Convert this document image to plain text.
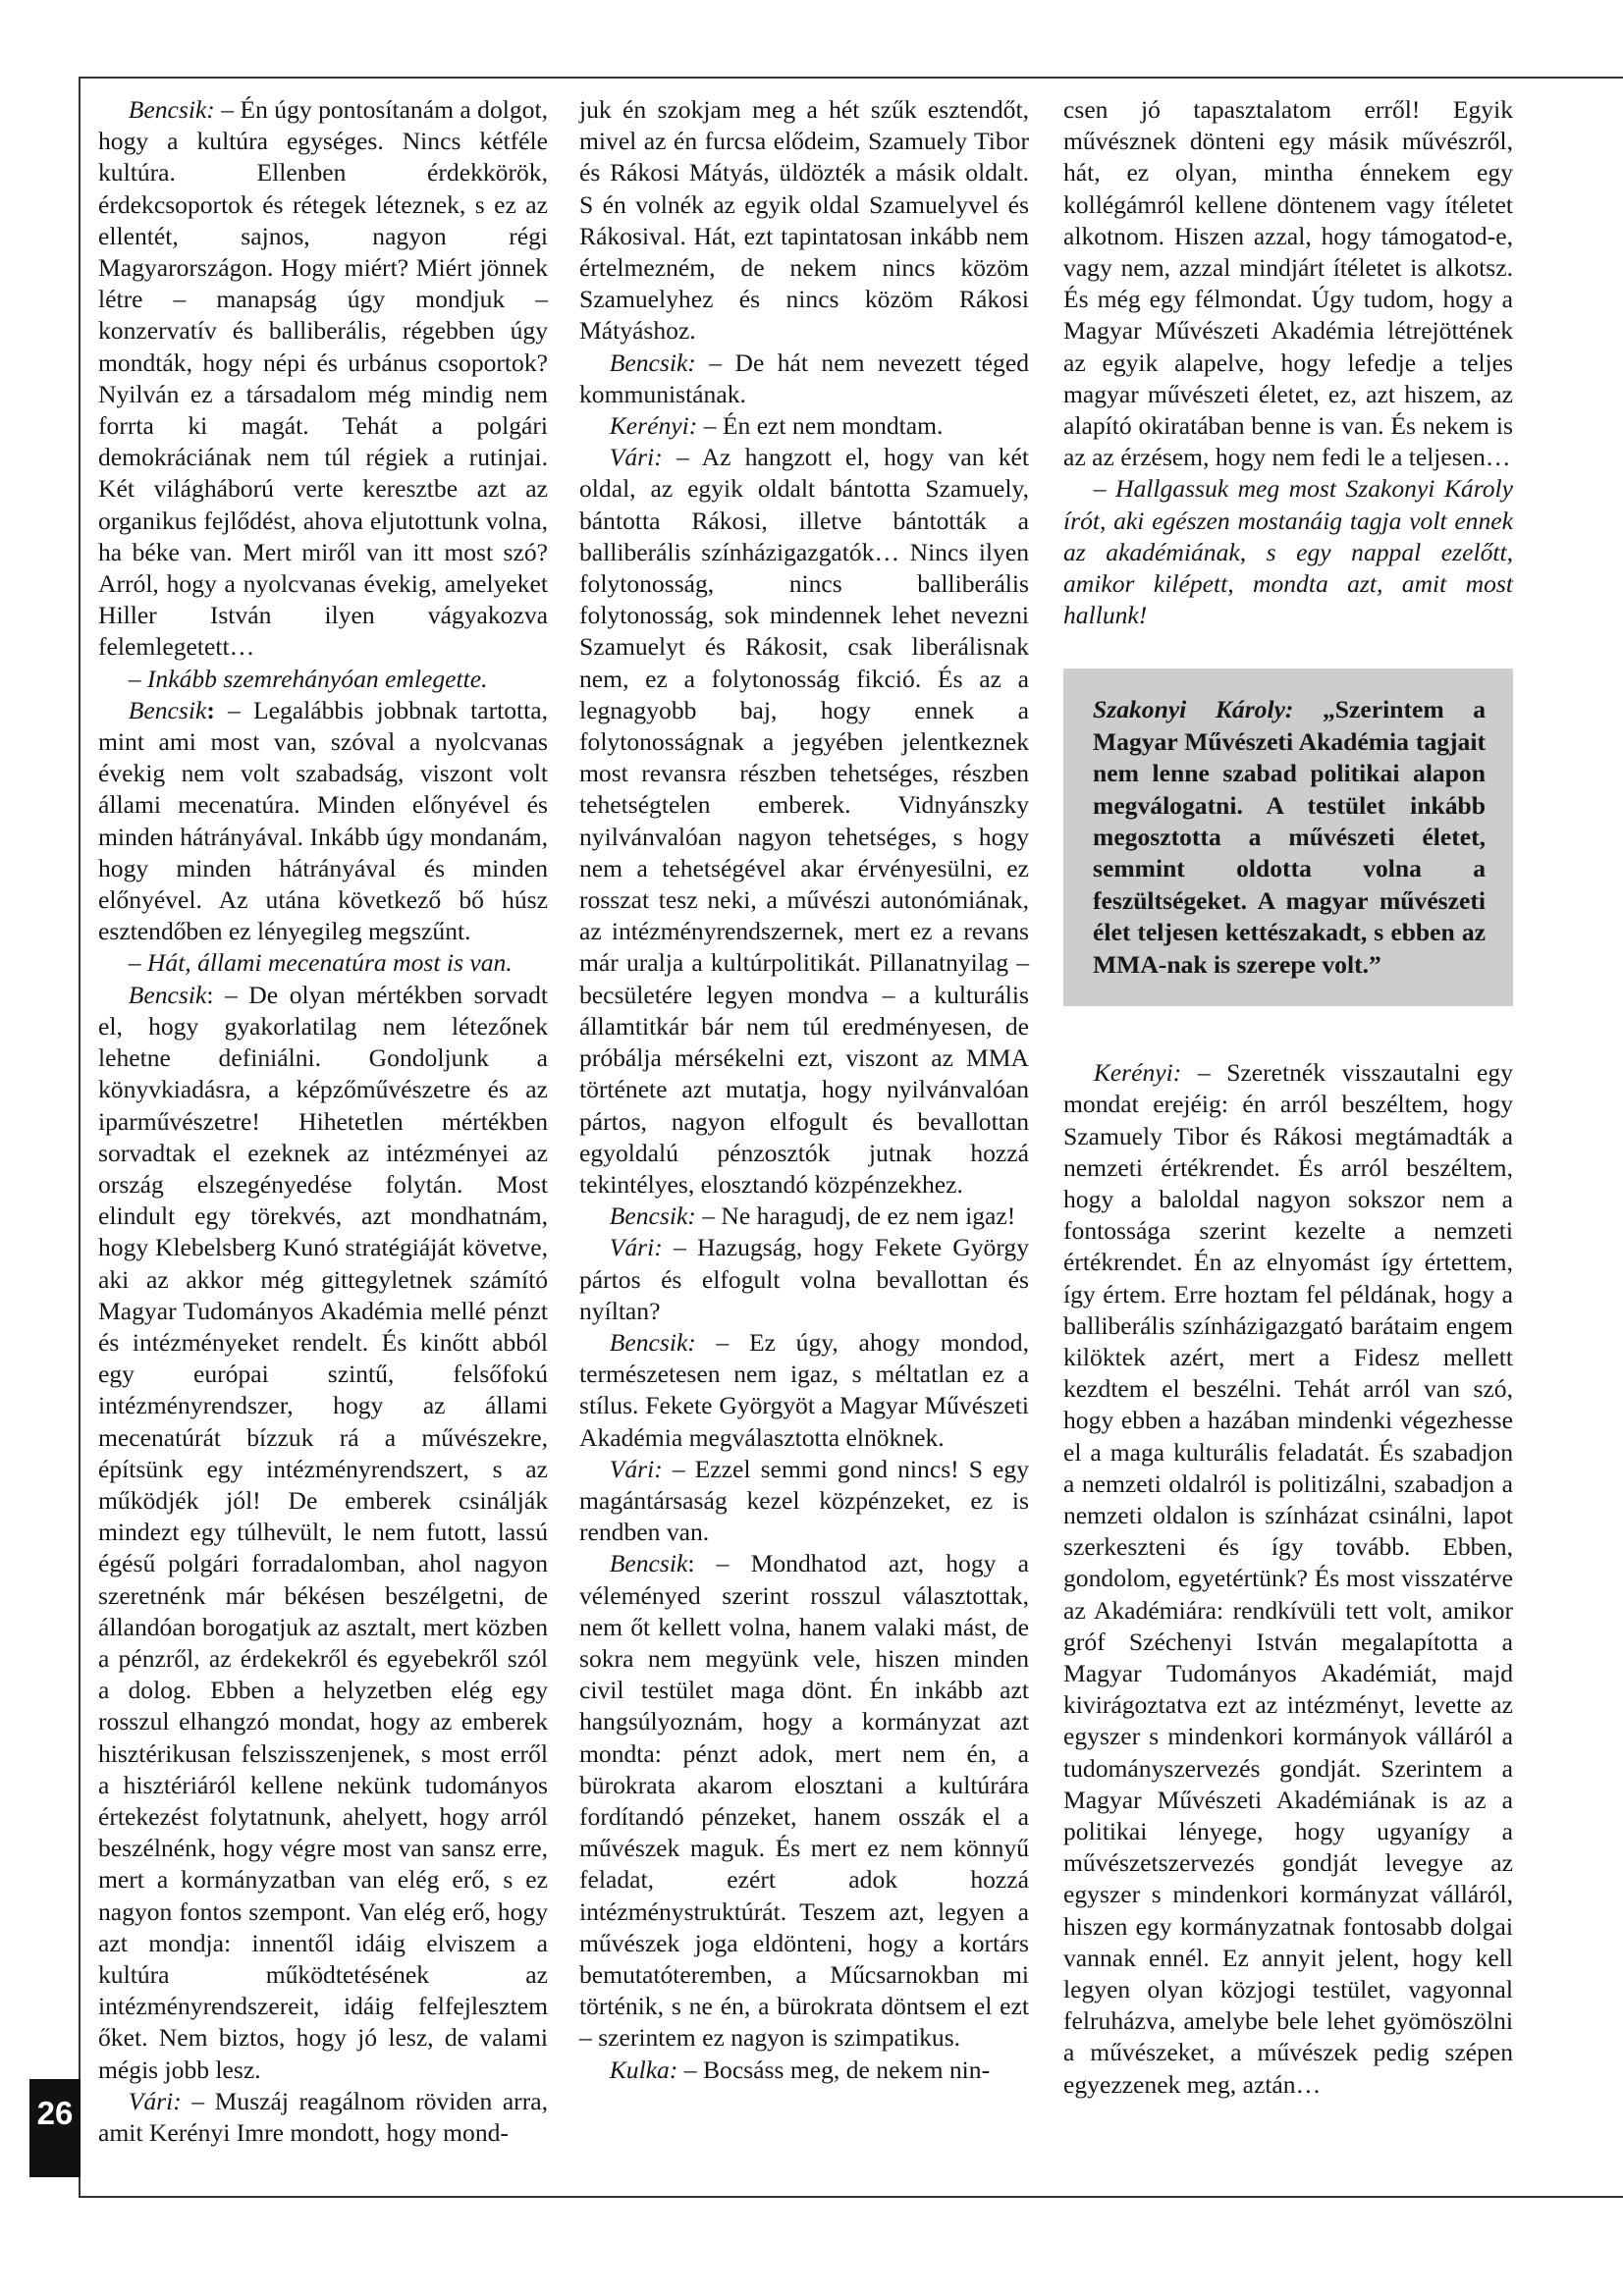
26

Bencsik: – Én úgy pontosítanám a dolgot, hogy a kultúra egységes. Nincs kétféle kultúra. Ellenben érdekkörök, érdekcsoportok és rétegek léteznek, s ez az ellentét, sajnos, nagyon régi Magyarországon. Hogy miért? Miért jönnek létre – manapság úgy mondjuk – konzervatív és balliberális, régebben úgy mondták, hogy népi és urbánus csoportok? Nyilván ez a társadalom még mindig nem forrta ki magát. Tehát a polgári demokráciának nem túl régiek a rutinjai. Két világháború verte keresztbe azt az organikus fejlődést, ahova eljutottunk volna, ha béke van. Mert miről van itt most szó? Arról, hogy a nyolcvanas évekig, amelyeket Hiller István ilyen vágyakozva felemlegetett…

– Inkább szemrehányóan emlegette.

Bencsik: – Legalábbis jobbnak tartotta, mint ami most van, szóval a nyolcvanas évekig nem volt szabadság, viszont volt állami mecenatúra. Minden előnyével és minden hátrányával. Inkább úgy mondanám, hogy minden hátrányával és minden előnyével. Az utána következő bő húsz esztendőben ez lényegileg megszűnt.

– Hát, állami mecenatúra most is van.

Bencsik: – De olyan mértékben sorvadt el, hogy gyakorlatilag nem létezőnek lehetne definiálni. Gondoljunk a könyvkiadásra, a képzőművészetre és az iparművészetre! Hihetetlen mértékben sorvadtak el ezeknek az intézményei az ország elszegényedése folytán. Most elindult egy törekvés, azt mondhatnám, hogy Klebelsberg Kunó stratégiáját követve, aki az akkor még gittegyletnek számító Magyar Tudományos Akadémia mellé pénzt és intézményeket rendelt. És kinőtt abból egy európai szintű, felsőfokú intézményrendszer, hogy az állami mecenatúrát bízzuk rá a művészekre, építsünk egy intézményrendszert, s az működjék jól! De emberek csinálják mindezt egy túlhevült, le nem futott, lassú égésű polgári forradalomban, ahol nagyon szeretnénk már békésen beszélgetni, de állandóan borogatjuk az asztalt, mert közben a pénzről, az érdekekről és egyebekről szól a dolog. Ebben a helyzetben elég egy rosszul elhangzó mondat, hogy az emberek hisztérikusan felszisszenjenek, s most erről a hisztériáról kellene nekünk tudományos értekezést folytatnunk, ahelyett, hogy arról beszélnénk, hogy végre most van sansz erre, mert a kormányzatban van elég erő, s ez nagyon fontos szempont. Van elég erő, hogy azt mondja: innentől idáig elviszem a kultúra működtetésének az intézményrendszereit, idáig felfejlesztem őket. Nem biztos, hogy jó lesz, de valami mégis jobb lesz.

Vári: – Muszáj reagálnom röviden arra, amit Kerényi Imre mondott, hogy mond-

juk én szokjam meg a hét szűk esztendőt, mivel az én furcsa elődeim, Szamuely Tibor és Rákosi Mátyás, üldözték a másik oldalt. S én volnék az egyik oldal Szamuelyvel és Rákosival. Hát, ezt tapintatosan inkább nem értelmezném, de nekem nincs közöm Szamuelyhez és nincs közöm Rákosi Mátyáshoz.

Bencsik: – De hát nem nevezett téged kommunistának.

Kerényi: – Én ezt nem mondtam.

Vári: – Az hangzott el, hogy van két oldal, az egyik oldalt bántotta Szamuely, bántotta Rákosi, illetve bántották a balliberális színházigazgatók… Nincs ilyen folytonosság, nincs balliberális folytonosság, sok mindennek lehet nevezni Szamuelyt és Rákosit, csak liberálisnak nem, ez a folytonosság fikció. És az a legnagyobb baj, hogy ennek a folytonosságnak a jegyében jelentkeznek most revansra részben tehetséges, részben tehetségtelen emberek. Vidnyánszky nyilvánvalóan nagyon tehetséges, s hogy nem a tehetségével akar érvényesülni, ez rosszat tesz neki, a művészi autonómiának, az intézményrendszernek, mert ez a revans már uralja a kultúrpolitikát. Pillanatnyilag – becsületére legyen mondva – a kulturális államtitkár bár nem túl eredményesen, de próbálja mérsékelni ezt, viszont az MMA története azt mutatja, hogy nyilvánvalóan pártos, nagyon elfogult és bevallottan egyoldalú pénzosztók jutnak hozzá tekintélyes, elosztandó közpénzekhez.

Bencsik: – Ne haragudj, de ez nem igaz!

Vári: – Hazugság, hogy Fekete György pártos és elfogult volna bevallottan és nyíltan?

Bencsik: – Ez úgy, ahogy mondod, természetesen nem igaz, s méltatlan ez a stílus. Fekete Györgyöt a Magyar Művészeti Akadémia megválasztotta elnöknek.

Vári: – Ezzel semmi gond nincs! S egy magántársaság kezel közpénzeket, ez is rendben van.

Bencsik: – Mondhatod azt, hogy a véleményed szerint rosszul választottak, nem őt kellett volna, hanem valaki mást, de sokra nem megyünk vele, hiszen minden civil testület maga dönt. Én inkább azt hangsúlyoznám, hogy a kormányzat azt mondta: pénzt adok, mert nem én, a bürokrata akarom elosztani a kultúrára fordítandó pénzeket, hanem osszák el a művészek maguk. És mert ez nem könnyű feladat, ezért adok hozzá intézménystruktúrát. Teszem azt, legyen a művészek joga eldönteni, hogy a kortárs bemutatóteremben, a Műcsarnokban mi történik, s ne én, a bürokrata döntsem el ezt – szerintem ez nagyon is szimpatikus.

Kulka: – Bocsáss meg, de nekem nin-

csen jó tapasztalatom erről! Egyik művésznek dönteni egy másik művészről, hát, ez olyan, mintha énnekem egy kollégámról kellene döntenem vagy ítéletet alkotnom. Hiszen azzal, hogy támogatod-e, vagy nem, azzal mindjárt ítéletet is alkotsz. És még egy félmondat. Úgy tudom, hogy a Magyar Művészeti Akadémia létrejöttének az egyik alapelve, hogy lefedje a teljes magyar művészeti életet, ez, azt hiszem, az alapító okiratában benne is van. És nekem is az az érzésem, hogy nem fedi le a teljesen…

– Hallgassuk meg most Szakonyi Károly írót, aki egészen mostanáig tagja volt ennek az akadémiának, s egy nappal ezelőtt, amikor kilépett, mondta azt, amit most hallunk!

Szakonyi Károly: „Szerintem a Magyar Művészeti Akadémia tagjait nem lenne szabad politikai alapon megválogatni. A testület inkább megosztotta a művészeti életet, semmint oldotta volna a feszültségeket. A magyar művészeti élet teljesen kettészakadt, s ebben az MMA-nak is szerepe volt.”

Kerényi: – Szeretnék visszautalni egy mondat erejéig: én arról beszéltem, hogy Szamuely Tibor és Rákosi megtámadták a nemzeti értékrendet. És arról beszéltem, hogy a baloldal nagyon sokszor nem a fontossága szerint kezelte a nemzeti értékrendet. Én az elnyomást így értettem, így értem. Erre hoztam fel példának, hogy a balliberális színházigazgató barátaim engem kilöktek azért, mert a Fidesz mellett kezdtem el beszélni. Tehát arról van szó, hogy ebben a hazában mindenki végezhesse el a maga kulturális feladatát. És szabadjon a nemzeti oldalról is politizálni, szabadjon a nemzeti oldalon is színházat csinálni, lapot szerkeszteni és így tovább. Ebben, gondolom, egyetértünk? És most visszatérve az Akadémiára: rendkívüli tett volt, amikor gróf Széchenyi István megalapította a Magyar Tudományos Akadémiát, majd kivirágoztatva ezt az intézményt, levette az egyszer s mindenkori kormányok válláról a tudományszervezés gondját. Szerintem a Magyar Művészeti Akadémiának is az a politikai lényege, hogy ugyanígy a művészetszervezés gondját levegye az egyszer s mindenkori kormányzat válláról, hiszen egy kormányzatnak fontosabb dolgai vannak ennél. Ez annyit jelent, hogy kell legyen olyan közjogi testület, vagyonnal felruházva, amelybe bele lehet gyömöszölni a művészeket, a művészek pedig szépen egyezzenek meg, aztán…
